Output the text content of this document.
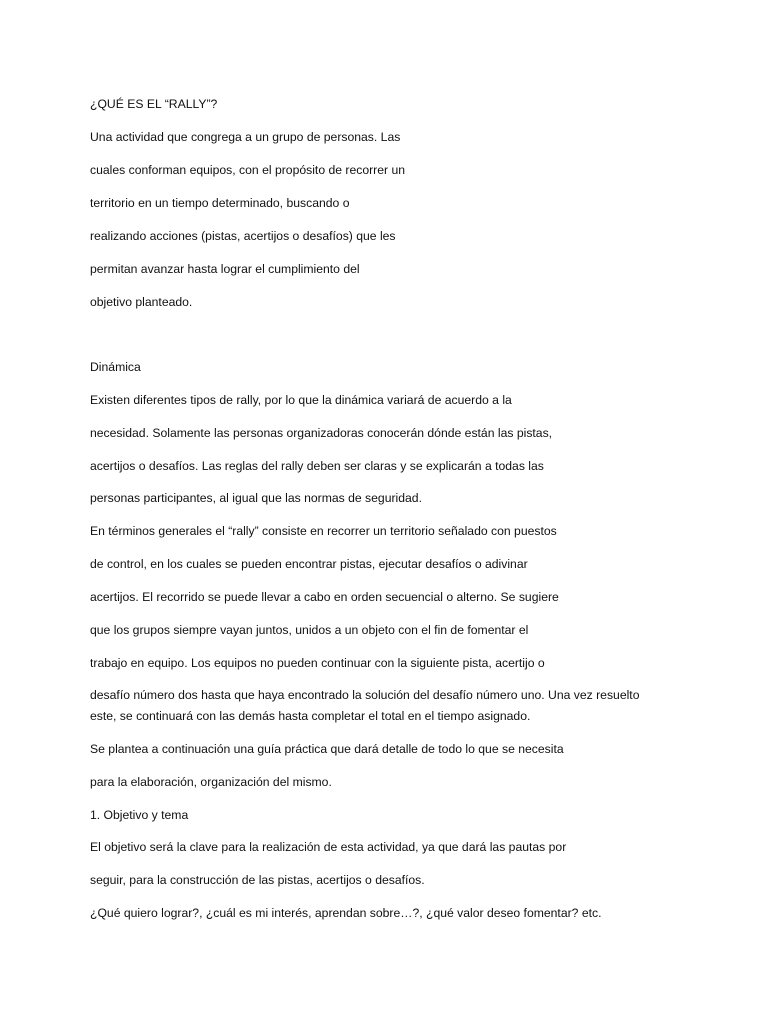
¿QUÉ ES EL “RALLY”?

Una actividad que congrega a un grupo de personas. Las

cuales conforman equipos, con el propósito de recorrer un

territorio en un tiempo determinado, buscando o

realizando acciones (pistas, acertijos o desafíos) que les

permitan avanzar hasta lograr el cumplimiento del

objetivo planteado.

Dinámica

Existen diferentes tipos de rally, por lo que la dinámica variará de acuerdo a la

necesidad. Solamente las personas organizadoras conocerán dónde están las pistas,

acertijos o desafíos. Las reglas del rally deben ser claras y se explicarán a todas las

personas participantes, al igual que las normas de seguridad.

En términos generales el “rally” consiste en recorrer un territorio señalado con puestos

de control, en los cuales se pueden encontrar pistas, ejecutar desafíos o adivinar

acertijos. El recorrido se puede llevar a cabo en orden secuencial o alterno. Se sugiere

que los grupos siempre vayan juntos, unidos a un objeto con el fin de fomentar el

trabajo en equipo. Los equipos no pueden continuar con la siguiente pista, acertijo o

desafío número dos hasta que haya encontrado la solución del desafío número uno. Una vez resuelto

este, se continuará con las demás hasta completar el total en el tiempo asignado.

Se plantea a continuación una guía práctica que dará detalle de todo lo que se necesita

para la elaboración, organización del mismo.

1. Objetivo y tema

El objetivo será la clave para la realización de esta actividad, ya que dará las pautas por

seguir, para la construcción de las pistas, acertijos o desafíos.

¿Qué quiero lograr?, ¿cuál es mi interés, aprendan sobre…?, ¿qué valor deseo fomentar? etc.
